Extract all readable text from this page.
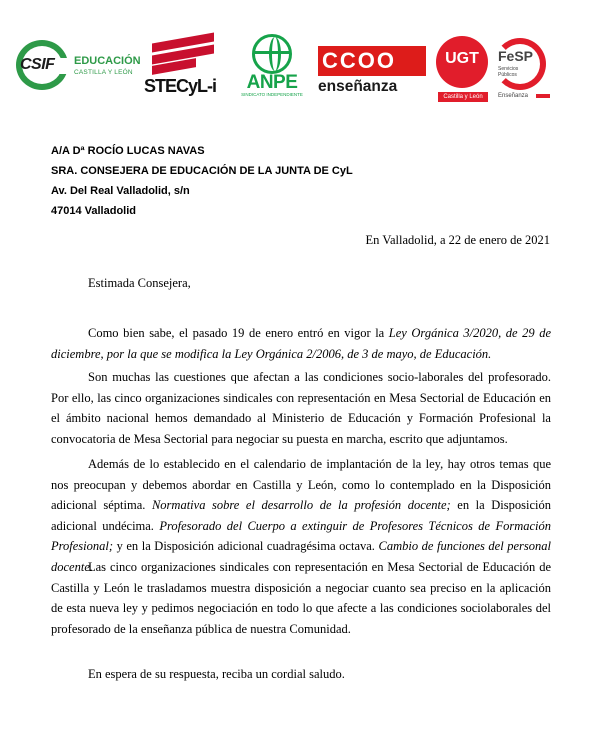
CSIF	EDUCACIÓN
CASTILLA Y LEÓN
STECyL-i	ANPE
SINDICATO INDEPENDIENTE
CCOO
enseñanza
UGT
Castilla y León
FeSP
Servicios Públicos
Enseñanza
A/A Dª ROCÍO LUCAS NAVAS
SRA. CONSEJERA DE EDUCACIÓN DE LA JUNTA DE CyL
Av. Del Real Valladolid, s/n
47014 Valladolid
En Valladolid, a 22 de enero de 2021
Estimada Consejera,

Como bien sabe, el pasado 19 de enero entró en vigor la Ley Orgánica 3/2020, de 29 de diciembre, por la que se modifica la Ley Orgánica 2/2006, de 3 de mayo, de Educación.

Son muchas las cuestiones que afectan a las condiciones socio-laborales del profesorado. Por ello, las cinco organizaciones sindicales con representación en Mesa Sectorial de Educación en el ámbito nacional hemos demandado al Ministerio de Educación y Formación Profesional la convocatoria de Mesa Sectorial para negociar su puesta en marcha, escrito que adjuntamos.

Además de lo establecido en el calendario de implantación de la ley, hay otros temas que nos preocupan y debemos abordar en Castilla y León, como lo contemplado en la Disposición adicional séptima. Normativa sobre el desarrollo de la profesión docente; en la Disposición adicional undécima. Profesorado del Cuerpo a extinguir de Profesores Técnicos de Formación Profesional; y en la Disposición adicional cuadragésima octava. Cambio de funciones del personal docente.

Las cinco organizaciones sindicales con representación en Mesa Sectorial de Educación de Castilla y León le trasladamos muestra disposición a negociar cuanto sea preciso en la aplicación de esta nueva ley y pedimos negociación en todo lo que afecte a las condiciones sociolaborales del profesorado de la enseñanza pública de nuestra Comunidad.

En espera de su respuesta, reciba un cordial saludo.
